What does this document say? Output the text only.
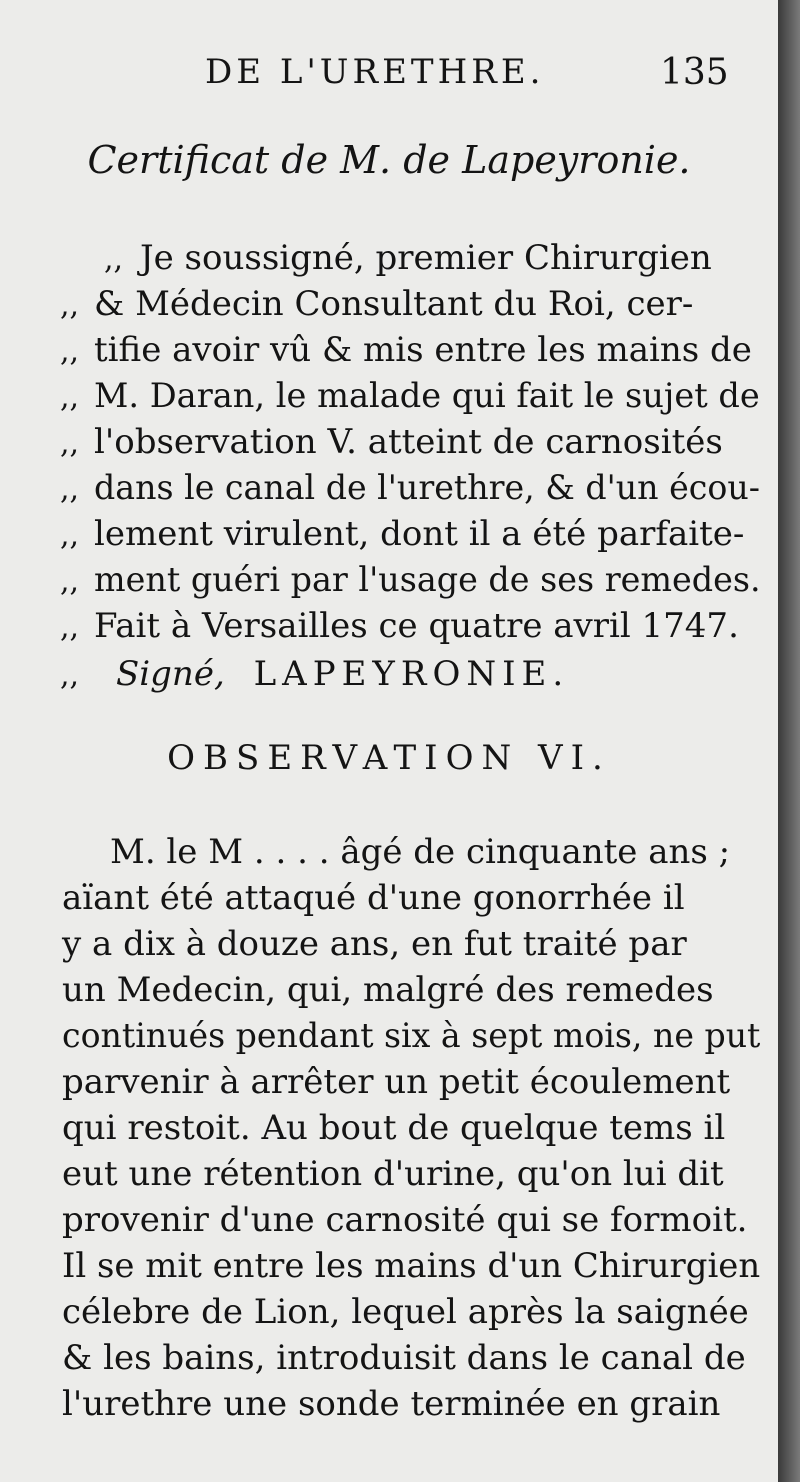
DE L'URETHRE.	135
Certificat de M. de Lapeyronie.
,, Je soussigné, premier Chirurgien
,, & Médecin Consultant du Roi, cer-
,, tifie avoir vû & mis entre les mains de
,, M. Daran, le malade qui fait le sujet de
,, l'observation V. atteint de carnosités
,, dans le canal de l'urethre, & d'un écou-
,, lement virulent, dont il a été parfaite-
,, ment guéri par l'usage de ses remedes.
,, Fait à Versailles ce quatre avril 1747.
,, Signé, LAPEYRONIE.
OBSERVATION VI.
M. le M . . . . âgé de cinquante ans ;
aïant été attaqué d'une gonorrhée il
y a dix à douze ans, en fut traité par
un Medecin, qui, malgré des remedes
continués pendant six à sept mois, ne put
parvenir à arrêter un petit écoulement
qui restoit. Au bout de quelque tems il
eut une rétention d'urine, qu'on lui dit
provenir d'une carnosité qui se formoit.
Il se mit entre les mains d'un Chirurgien
célebre de Lion, lequel après la saignée
& les bains, introduisit dans le canal de
l'urethre une sonde terminée en grain
